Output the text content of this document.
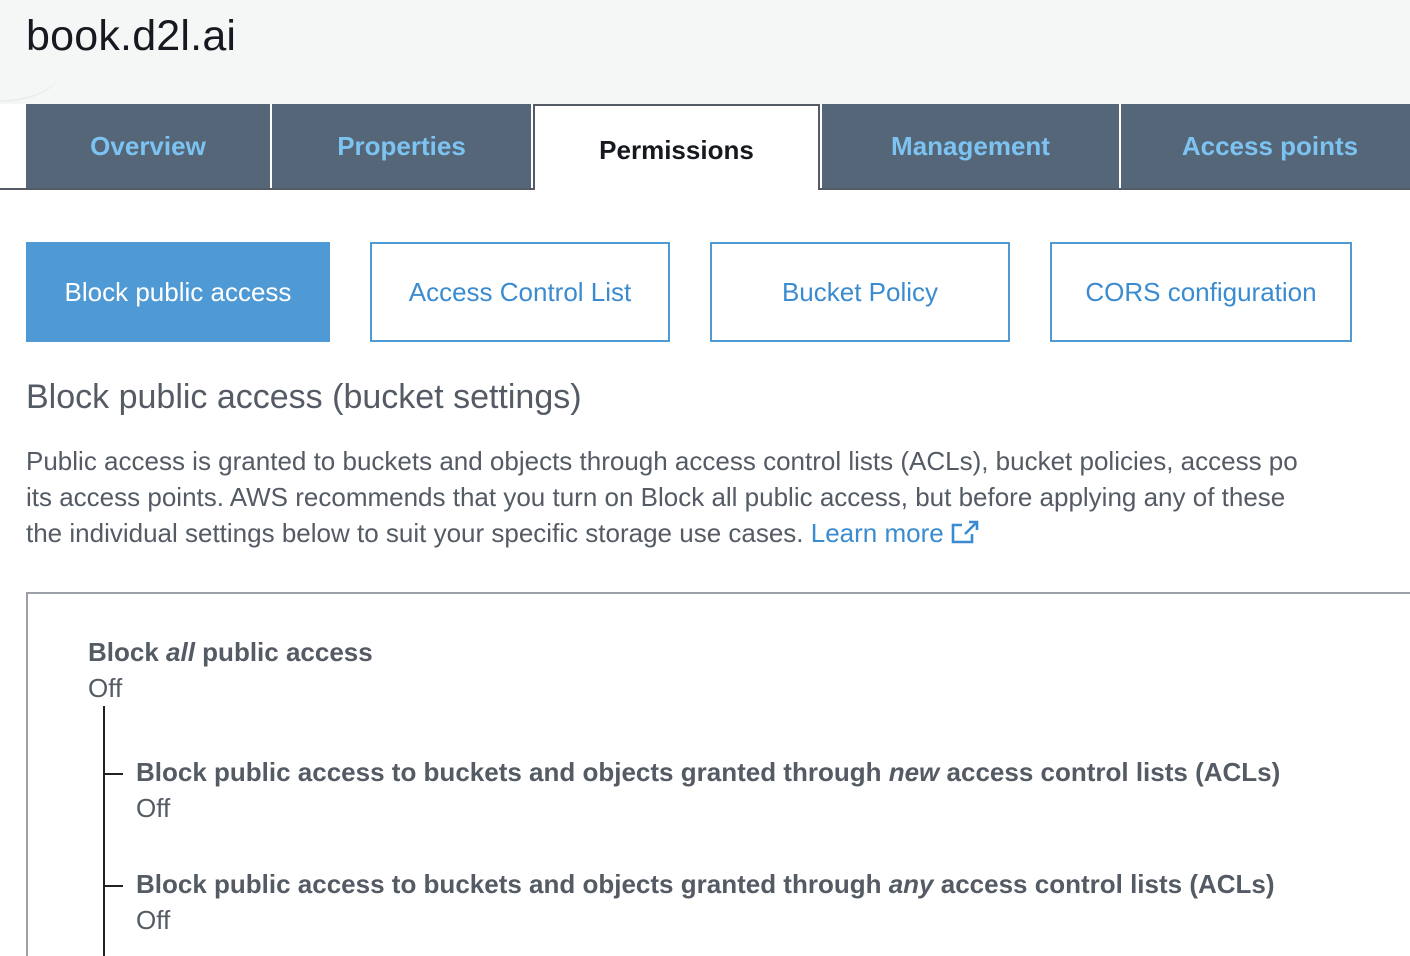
book.d2l.ai
Overview	Properties	Permissions	Management	Access points
Block public access	Access Control List	Bucket Policy	CORS configuration
Block public access (bucket settings)
Public access is granted to buckets and objects through access control lists (ACLs), bucket policies, access po
its access points. AWS recommends that you turn on Block all public access, but before applying any of these
the individual settings below to suit your specific storage use cases. Learn more
Block all public access
Off
Block public access to buckets and objects granted through new access control lists (ACLs)
Off
Block public access to buckets and objects granted through any access control lists (ACLs)
Off
